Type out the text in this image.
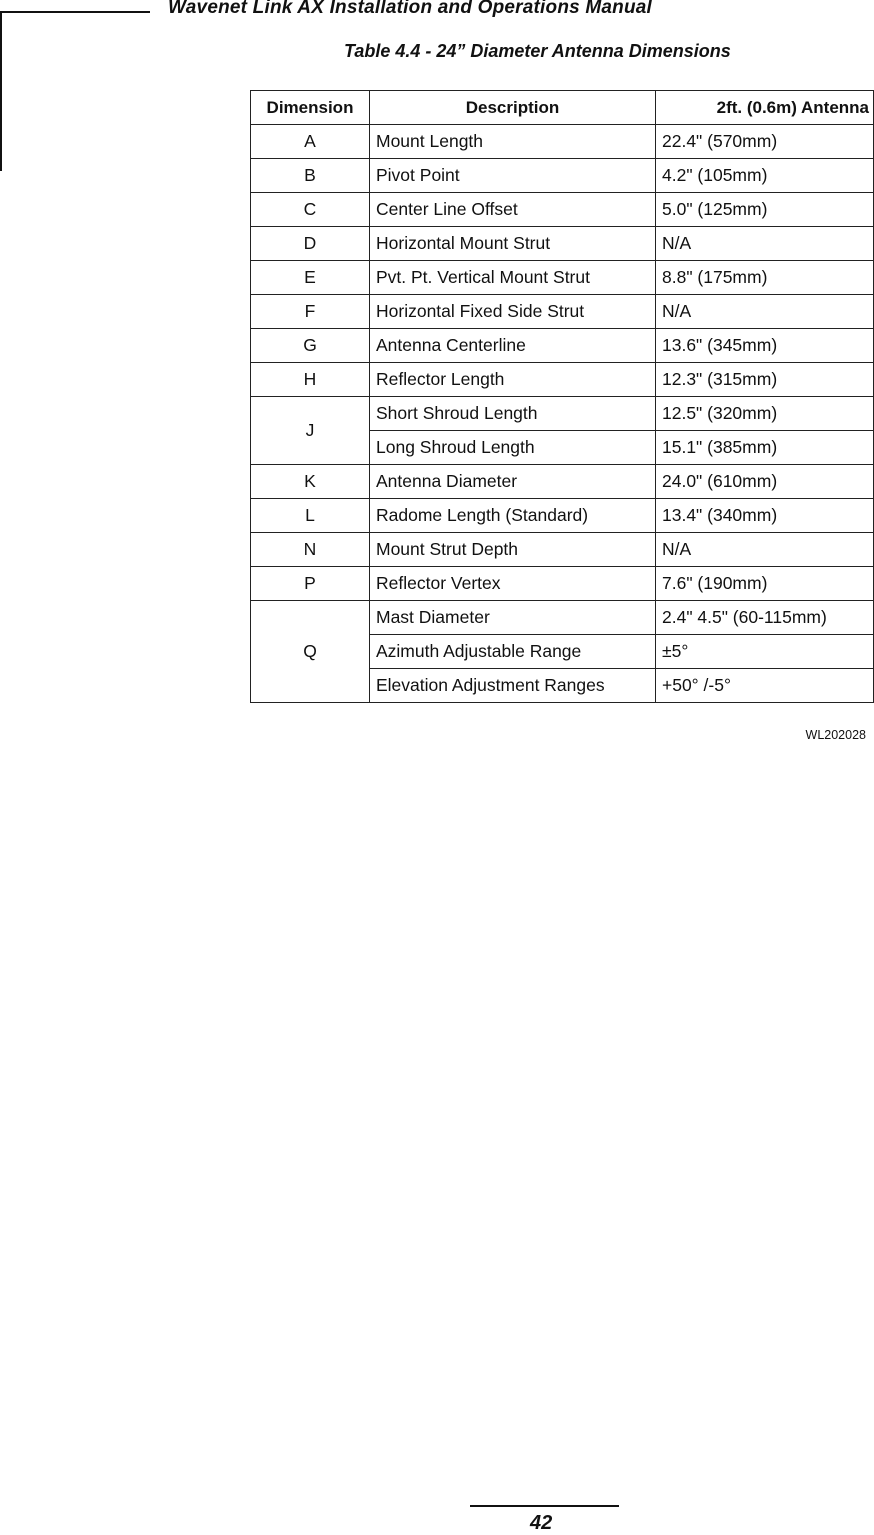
Wavenet Link AX Installation and Operations Manual
Table 4.4 - 24” Diameter Antenna Dimensions
Dimension	Description	2ft. (0.6m) Antenna
A	Mount Length	22.4" (570mm)
B	Pivot Point	4.2" (105mm)
C	Center Line Offset	5.0" (125mm)
D	Horizontal Mount Strut	N/A
E	Pvt. Pt. Vertical Mount Strut	8.8" (175mm)
F	Horizontal Fixed Side Strut	N/A
G	Antenna Centerline	13.6" (345mm)
H	Reflector Length	12.3" (315mm)
J	Short Shroud Length	12.5" (320mm)
	Long Shroud Length	15.1" (385mm)
K	Antenna Diameter	24.0" (610mm)
L	Radome Length (Standard)	13.4" (340mm)
N	Mount Strut Depth	N/A
P	Reflector Vertex	7.6" (190mm)
Q	Mast Diameter	2.4" 4.5" (60-115mm)
	Azimuth Adjustable Range	±5°
	Elevation Adjustment Ranges	+50° /-5°
WL202028
42
